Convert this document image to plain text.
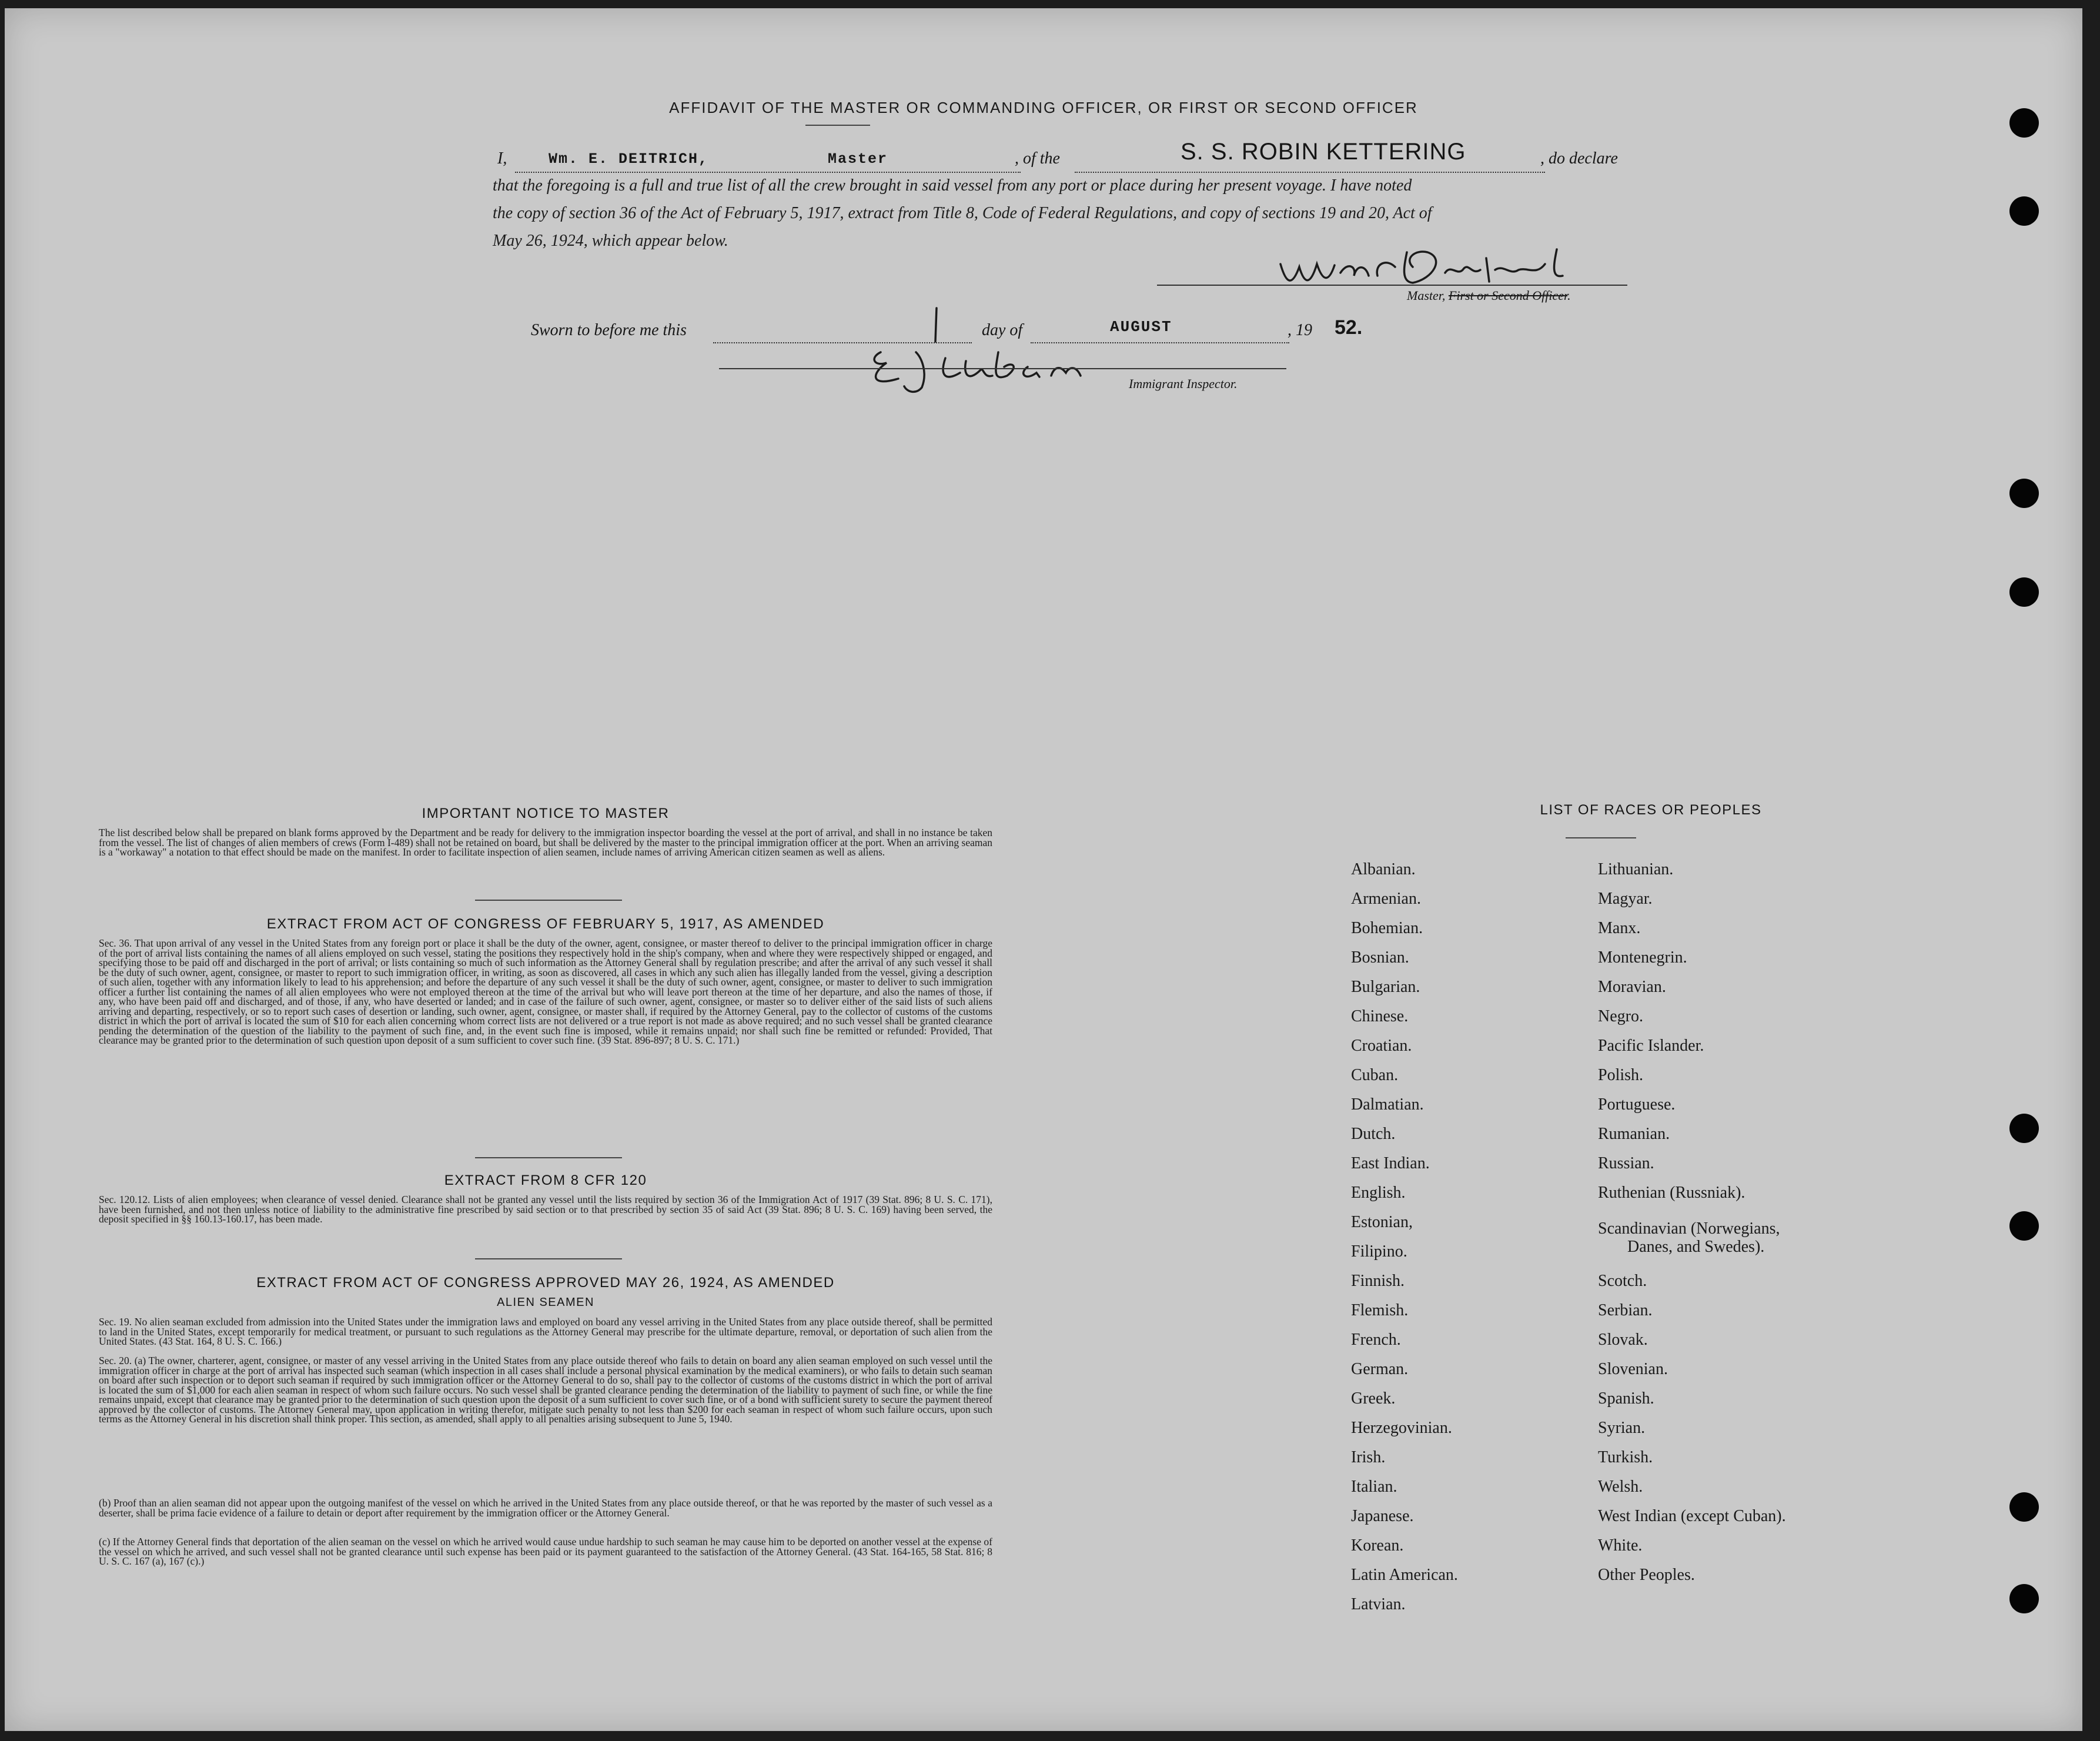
AFFIDAVIT OF THE MASTER OR COMMANDING OFFICER, OR FIRST OR SECOND OFFICER
I,	Wm. E. DEITRICH,	Master	, of the	S. S. ROBIN KETTERING	, do declare
that the foregoing is a full and true list of all the crew brought in said vessel from any port or place during her present voyage. I have noted
the copy of section 36 of the Act of February 5, 1917, extract from Title 8, Code of Federal Regulations, and copy of sections 19 and 20, Act of
May 26, 1924, which appear below.
Master, First or Second Officer.
Sworn to before me this	day of	AUGUST	, 19 52.
Immigrant Inspector.
IMPORTANT NOTICE TO MASTER
The list described below shall be prepared on blank forms approved by the Department and be ready for delivery to the immigration inspector boarding the vessel at the port of arrival, and shall in no instance be taken from the vessel. The list of changes of alien members of crews (Form I-489) shall not be retained on board, but shall be delivered by the master to the principal immigration officer at the port. When an arriving seaman is a "workaway" a notation to that effect should be made on the manifest. In order to facilitate inspection of alien seamen, include names of arriving American citizen seamen as well as aliens.
EXTRACT FROM ACT OF CONGRESS OF FEBRUARY 5, 1917, AS AMENDED
Sec. 36. That upon arrival of any vessel in the United States from any foreign port or place it shall be the duty of the owner, agent, consignee, or master thereof to deliver to the principal immigration officer in charge of the port of arrival lists containing the names of all aliens employed on such vessel, stating the positions they respectively hold in the ship's company, when and where they were respectively shipped or engaged, and specifying those to be paid off and discharged in the port of arrival; or lists containing so much of such information as the Attorney General shall by regulation prescribe; and after the arrival of any such vessel it shall be the duty of such owner, agent, consignee, or master to report to such immigration officer, in writing, as soon as discovered, all cases in which any such alien has illegally landed from the vessel, giving a description of such alien, together with any information likely to lead to his apprehension; and before the departure of any such vessel it shall be the duty of such owner, agent, consignee, or master to deliver to such immigration officer a further list containing the names of all alien employees who were not employed thereon at the time of the arrival but who will leave port thereon at the time of her departure, and also the names of those, if any, who have been paid off and discharged, and of those, if any, who have deserted or landed; and in case of the failure of such owner, agent, consignee, or master so to deliver either of the said lists of such aliens arriving and departing, respectively, or so to report such cases of desertion or landing, such owner, agent, consignee, or master shall, if required by the Attorney General, pay to the collector of customs of the customs district in which the port of arrival is located the sum of $10 for each alien concerning whom correct lists are not delivered or a true report is not made as above required; and no such vessel shall be granted clearance pending the determination of the question of the liability to the payment of such fine, and, in the event such fine is imposed, while it remains unpaid; nor shall such fine be remitted or refunded: Provided, That clearance may be granted prior to the determination of such question upon deposit of a sum sufficient to cover such fine. (39 Stat. 896-897; 8 U. S. C. 171.)
EXTRACT FROM 8 CFR 120
Sec. 120.12. Lists of alien employees; when clearance of vessel denied. Clearance shall not be granted any vessel until the lists required by section 36 of the Immigration Act of 1917 (39 Stat. 896; 8 U. S. C. 171), have been furnished, and not then unless notice of liability to the administrative fine prescribed by said section or to that prescribed by section 35 of said Act (39 Stat. 896; 8 U. S. C. 169) having been served, the deposit specified in §§ 160.13-160.17, has been made.
EXTRACT FROM ACT OF CONGRESS APPROVED MAY 26, 1924, AS AMENDED
ALIEN SEAMEN
Sec. 19. No alien seaman excluded from admission into the United States under the immigration laws and employed on board any vessel arriving in the United States from any place outside thereof, shall be permitted to land in the United States, except temporarily for medical treatment, or pursuant to such regulations as the Attorney General may prescribe for the ultimate departure, removal, or deportation of such alien from the United States. (43 Stat. 164, 8 U. S. C. 166.)
Sec. 20. (a) The owner, charterer, agent, consignee, or master of any vessel arriving in the United States from any place outside thereof who fails to detain on board any alien seaman employed on such vessel until the immigration officer in charge at the port of arrival has inspected such seaman (which inspection in all cases shall include a personal physical examination by the medical examiners), or who fails to detain such seaman on board after such inspection or to deport such seaman if required by such immigration officer or the Attorney General to do so, shall pay to the collector of customs of the customs district in which the port of arrival is located the sum of $1,000 for each alien seaman in respect of whom such failure occurs. No such vessel shall be granted clearance pending the determination of the liability to payment of such fine, or while the fine remains unpaid, except that clearance may be granted prior to the determination of such question upon the deposit of a sum sufficient to cover such fine, or of a bond with sufficient surety to secure the payment thereof approved by the collector of customs. The Attorney General may, upon application in writing therefor, mitigate such penalty to not less than $200 for each seaman in respect of whom such failure occurs, upon such terms as the Attorney General in his discretion shall think proper. This section, as amended, shall apply to all penalties arising subsequent to June 5, 1940.
(b) Proof than an alien seaman did not appear upon the outgoing manifest of the vessel on which he arrived in the United States from any place outside thereof, or that he was reported by the master of such vessel as a deserter, shall be prima facie evidence of a failure to detain or deport after requirement by the immigration officer or the Attorney General.
(c) If the Attorney General finds that deportation of the alien seaman on the vessel on which he arrived would cause undue hardship to such seaman he may cause him to be deported on another vessel at the expense of the vessel on which he arrived, and such vessel shall not be granted clearance until such expense has been paid or its payment guaranteed to the satisfaction of the Attorney General. (43 Stat. 164-165, 58 Stat. 816; 8 U. S. C. 167 (a), 167 (c).)
LIST OF RACES OR PEOPLES
Albanian.
Armenian.
Bohemian.
Bosnian.
Bulgarian.
Chinese.
Croatian.
Cuban.
Dalmatian.
Dutch.
East Indian.
English.
Estonian,
Filipino.
Finnish.
Flemish.
French.
German.
Greek.
Herzegovinian.
Irish.
Italian.
Japanese.
Korean.
Latin American.
Latvian.
Lithuanian.
Magyar.
Manx.
Montenegrin.
Moravian.
Negro.
Pacific Islander.
Polish.
Portuguese.
Rumanian.
Russian.
Ruthenian (Russniak).
Scandinavian (Norwegians,
Danes, and Swedes).
Scotch.
Serbian.
Slovak.
Slovenian.
Spanish.
Syrian.
Turkish.
Welsh.
West Indian (except Cuban).
White.
Other Peoples.
